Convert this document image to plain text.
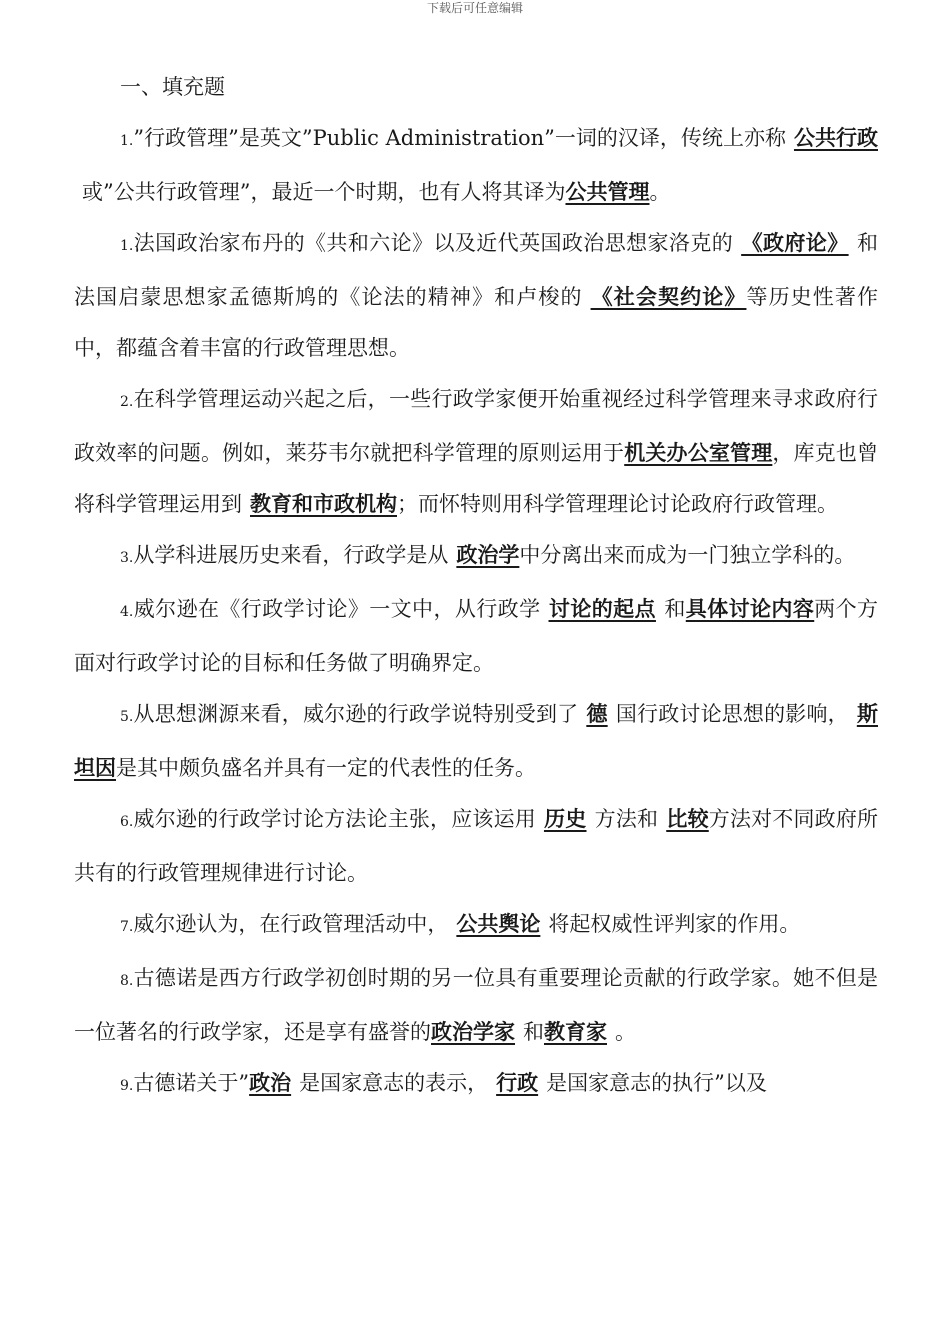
下载后可任意编辑

一、填充题

1.”行政管理”是英文”Public Administration”一词的汉译，传统上亦称 公共行政或”公共行政管理”，最近一个时期，也有人将其译为公共管理。

1.法国政治家布丹的《共和六论》以及近代英国政治思想家洛克的 《政府论》 和法国启蒙思想家孟德斯鸠的《论法的精神》和卢梭的 《社会契约论》等历史性著作中，都蕴含着丰富的行政管理思想。

2.在科学管理运动兴起之后，一些行政学家便开始重视经过科学管理来寻求政府行政效率的问题。例如，莱芬韦尔就把科学管理的原则运用于机关办公室管理，库克也曾将科学管理运用到 教育和市政机构；而怀特则用科学管理理论讨论政府行政管理。

3.从学科进展历史来看，行政学是从 政治学中分离出来而成为一门独立学科的。

4.威尔逊在《行政学讨论》一文中，从行政学 讨论的起点 和具体讨论内容两个方面对行政学讨论的目标和任务做了明确界定。

5.从思想渊源来看，威尔逊的行政学说特别受到了 德 国行政讨论思想的影响， 斯坦因是其中颇负盛名并具有一定的代表性的任务。

6.威尔逊的行政学讨论方法论主张，应该运用 历史 方法和 比较方法对不同政府所共有的行政管理规律进行讨论。

7.威尔逊认为，在行政管理活动中， 公共舆论 将起权威性评判家的作用。

8.古德诺是西方行政学初创时期的另一位具有重要理论贡献的行政学家。她不但是一位著名的行政学家，还是享有盛誉的政治学家 和教育家 。

9.古德诺关于”政治 是国家意志的表示， 行政 是国家意志的执行”以及
